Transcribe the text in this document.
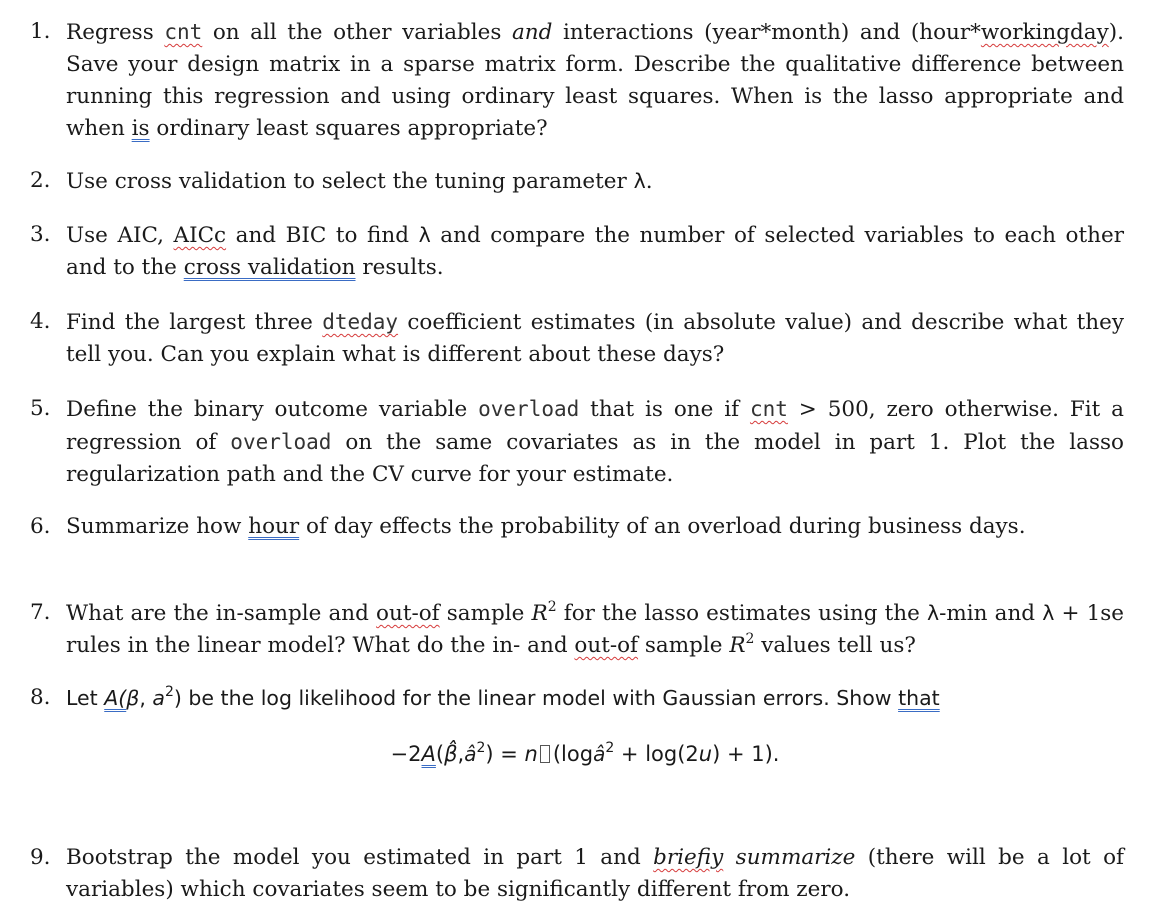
1. Regress cnt on all the other variables and interactions (year*month) and (hour*workingday). Save your design matrix in a sparse matrix form. Describe the qualitative difference between running this regression and using ordinary least squares. When is the lasso appropriate and when is ordinary least squares appropriate?
2. Use cross validation to select the tuning parameter λ.
3. Use AIC, AICc and BIC to find λ and compare the number of selected variables to each other and to the cross validation results.
4. Find the largest three dteday coefficient estimates (in absolute value) and describe what they tell you. Can you explain what is different about these days?
5. Define the binary outcome variable overload that is one if cnt > 500, zero otherwise. Fit a regression of overload on the same covariates as in the model in part 1. Plot the lasso regularization path and the CV curve for your estimate.
6. Summarize how hour of day effects the probability of an overload during business days.
7. What are the in-sample and out-of sample $R^2$ for the lasso estimates using the λ-min and λ + 1se rules in the linear model? What do the in- and out-of sample $R^2$ values tell us?
8. Let A(β, $a^2$) be the log likelihood for the linear model with Gaussian errors. Show that
9. Bootstrap the model you estimated in part 1 and briefiy summarize (there will be a lot of variables) which covariates seem to be significantly different from zero.
$-2A(\betâ,â^2) = n$ (logâ$^2$ + log(2u) + 1).
